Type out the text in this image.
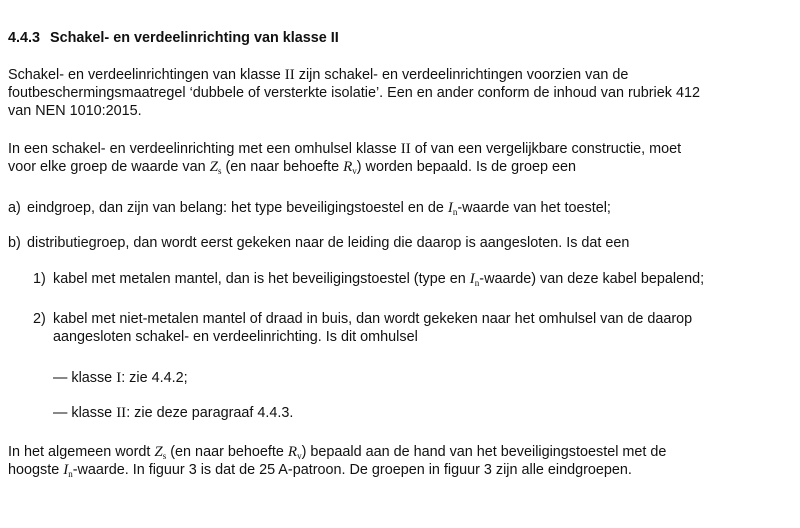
4.4.3 Schakel- en verdeelinrichting van klasse II
Schakel- en verdeelinrichtingen van klasse II zijn schakel- en verdeelinrichtingen voorzien van de
foutbeschermingsmaatregel ‘dubbele of versterkte isolatie’. Een en ander conform de inhoud van rubriek 412
van NEN 1010:2015.
In een schakel- en verdeelinrichting met een omhulsel klasse II of van een vergelijkbare constructie, moet
voor elke groep de waarde van $Z_s$ (en naar behoefte $R_v$) worden bepaald. Is de groep een
a) eindgroep, dan zijn van belang: het type beveiligingstoestel en de $I_n$-waarde van het toestel;
b) distributiegroep, dan wordt eerst gekeken naar de leiding die daarop is aangesloten. Is dat een
1) kabel met metalen mantel, dan is het beveiligingstoestel (type en $I_n-waarde$) van deze kabel bepalend;
2) kabel met niet-metalen mantel of draad in buis, dan wordt gekeken naar het omhulsel van de daarop
aangesloten schakel- en verdeelinrichting. Is dit omhulsel
— klasse I: zie 4.4.2;
— klasse II: zie deze paragraaf 4.4.3.
In het algemeen wordt $Z_s$ (en naar behoefte $R_v$) bepaald aan de hand van het beveiligingstoestel met de
hoogste $I_n$-waarde. In figuur 3 is dat de 25 A-patroon. De groepen in figuur 3 zijn alle eindgroepen.
